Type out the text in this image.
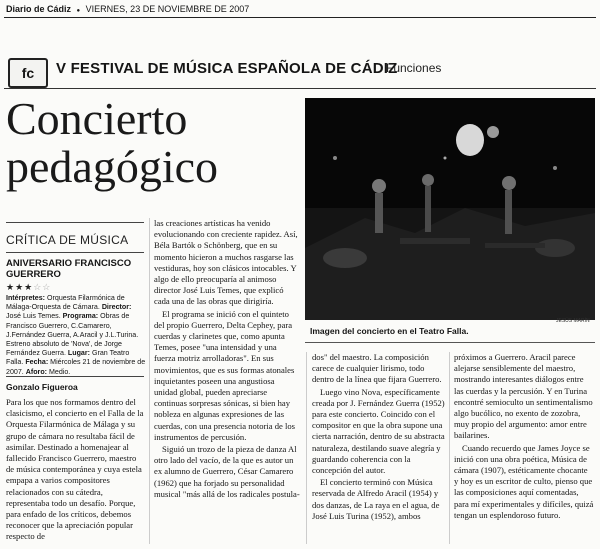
Diario de Cádiz ● VIERNES, 23 DE NOVIEMBRE DE 2007
fc	V FESTIVAL DE MÚSICA ESPAÑOLA DE CÁDIZ
Funciones
Concierto
pedagógico
CRÍTICA DE MÚSICA
ANIVERSARIO FRANCISCO GUERRERO
★★★☆☆
Intérpretes: Orquesta Filarmónica de Málaga-Orquesta de Cámara. Director: José Luis Temes. Programa: Obras de Francisco Guerrero, C.Camarero, J.Fernández Guerra, A.Aracil y J.L.Turina. Estreno absoluto de 'Nova', de Jorge Fernández Guerra. Lugar: Gran Teatro Falla. Fecha: Miércoles 21 de noviembre de 2007. Aforo: Medio.
Gonzalo Figueroa
JESÚS MARÍN
Imagen del concierto en el Teatro Falla.

Para los que nos formamos dentro del clasicismo, el concierto en el Falla de la Orquesta Filarmónica de Málaga y su grupo de cámara no resultaba fácil de asimilar. Destinado a homenajear al fallecido Francisco Guerrero, maestro de música contemporánea y cuya estela empapa a varios compositores relacionados con su cátedra, representaba todo un desafío. Porque, para enfado de los críticos, debemos reconocer que la apreciación popular respecto de

las creaciones artísticas ha venido evolucionando con creciente rapidez. Así, Béla Bartók o Schönberg, que en su momento hicieron a muchos rasgarse las vestiduras, hoy son clásicos intocables. Y algo de ello preocuparía al animoso director José Luis Temes, que explicó cada una de las obras que dirigiría.

El programa se inició con el quinteto del propio Guerrero, Delta Cephey, para cuerdas y clarinetes que, como apunta Temes, posee "una intensidad y una fuerza motriz arrolladoras". En sus movimientos, que es sus formas atonales inquietantes poseen una angustiosa unidad global, pueden apreciarse continuas sorpresas sónicas, si bien hay nobleza en algunas expresiones de las cuerdas, con una presencia notoria de los instrumentos de percusión.

Siguió un trozo de la pieza de danza Al otro lado del vacío, de la que es autor un ex alumno de Guerrero, César Camarero (1962) que ha forjado su personalidad musical "más allá de los radicales postula-

dos" del maestro. La composición carece de cualquier lirismo, todo dentro de la línea que fijara Guerrero.

Luego vino Nova, específicamente creada por J. Fernández Guerra (1952) para este concierto. Coincido con el compositor en que la obra supone una cierta narración, dentro de su abstracta naturaleza, destilando suave alegría y guardando coherencia con la concepción del autor.

El concierto terminó con Música reservada de Alfredo Aracil (1954) y dos danzas, de La raya en el agua, de José Luis Turina (1952), ambos

próximos a Guerrero. Aracil parece alejarse sensiblemente del maestro, mostrando interesantes diálogos entre las cuerdas y la percusión. Y en Turina encontré semioculto un sentimentalismo algo bucólico, no exento de zozobra, muy propio del argumento: amor entre bailarines.

Cuando recuerdo que James Joyce se inició con una obra poética, Música de cámara (1907), estéticamente chocante y hoy es un escritor de culto, pienso que las composiciones aquí comentadas, para mí experimentales y difíciles, quizá tengan un esplendoroso futuro.
